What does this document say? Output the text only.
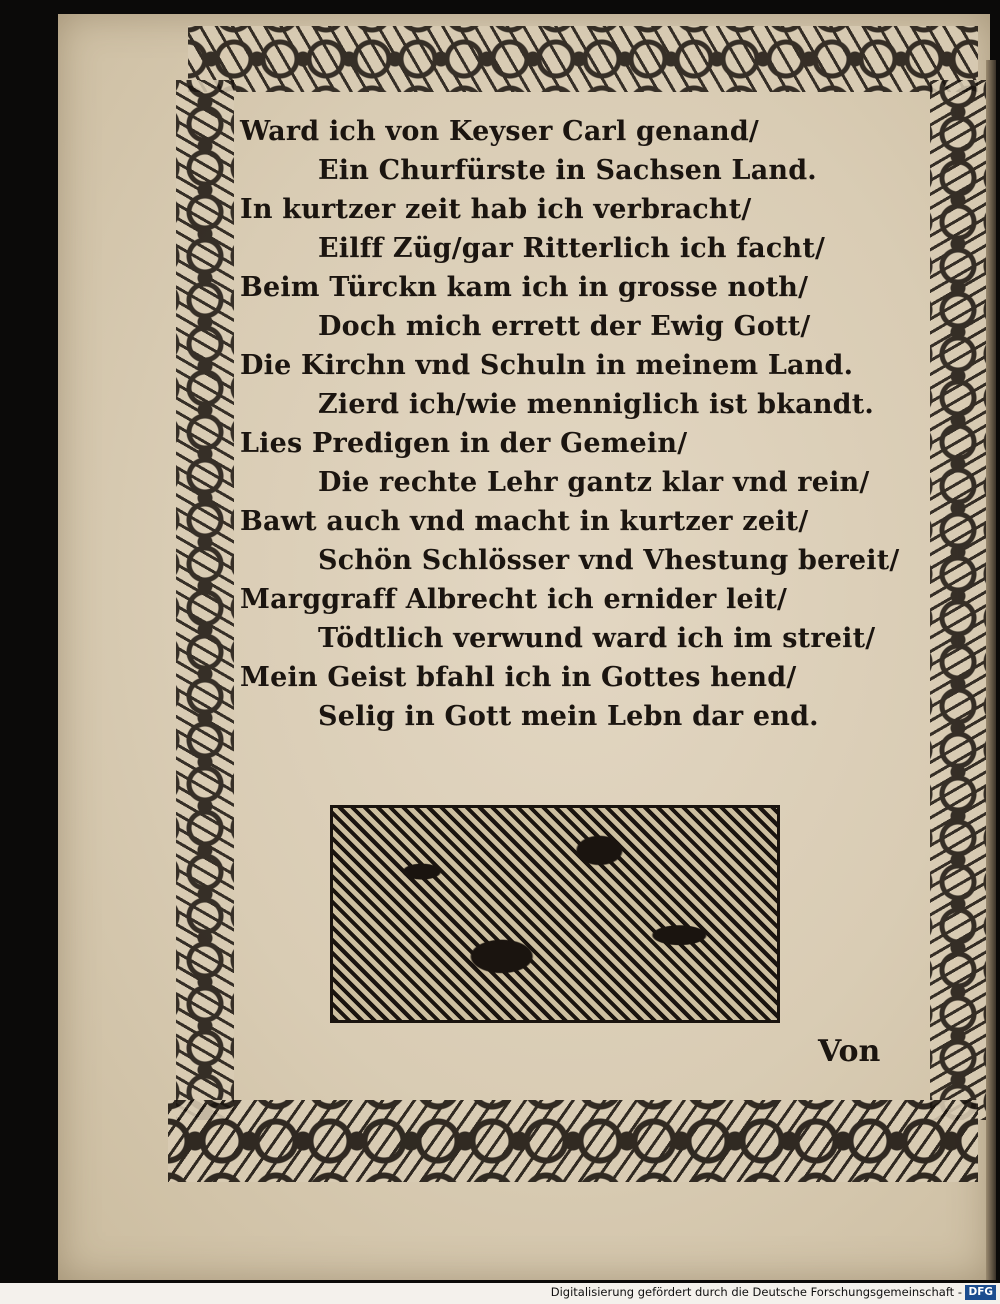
Ward ich von Keyser Carl genand/
Ein Churfürste in Sachsen Land.
In kurtzer zeit hab ich verbracht/
Eilff Züg/gar Ritterlich ich facht/
Beim Türckn kam ich in grosse noth/
Doch mich errett der Ewig Gott/
Die Kirchn vnd Schuln in meinem Land.
Zierd ich/wie menniglich ist bkandt.
Lies Predigen in der Gemein/
Die rechte Lehr gantz klar vnd rein/
Bawt auch vnd macht in kurtzer zeit/
Schön Schlösser vnd Vhestung bereit/
Marggraff Albrecht ich ernider leit/
Tödtlich verwund ward ich im streit/
Mein Geist bfahl ich in Gottes hend/
Selig in Gott mein Lebn dar end.
Von
Digitalisierung gefördert durch die Deutsche Forschungsgemeinschaft - DFG
